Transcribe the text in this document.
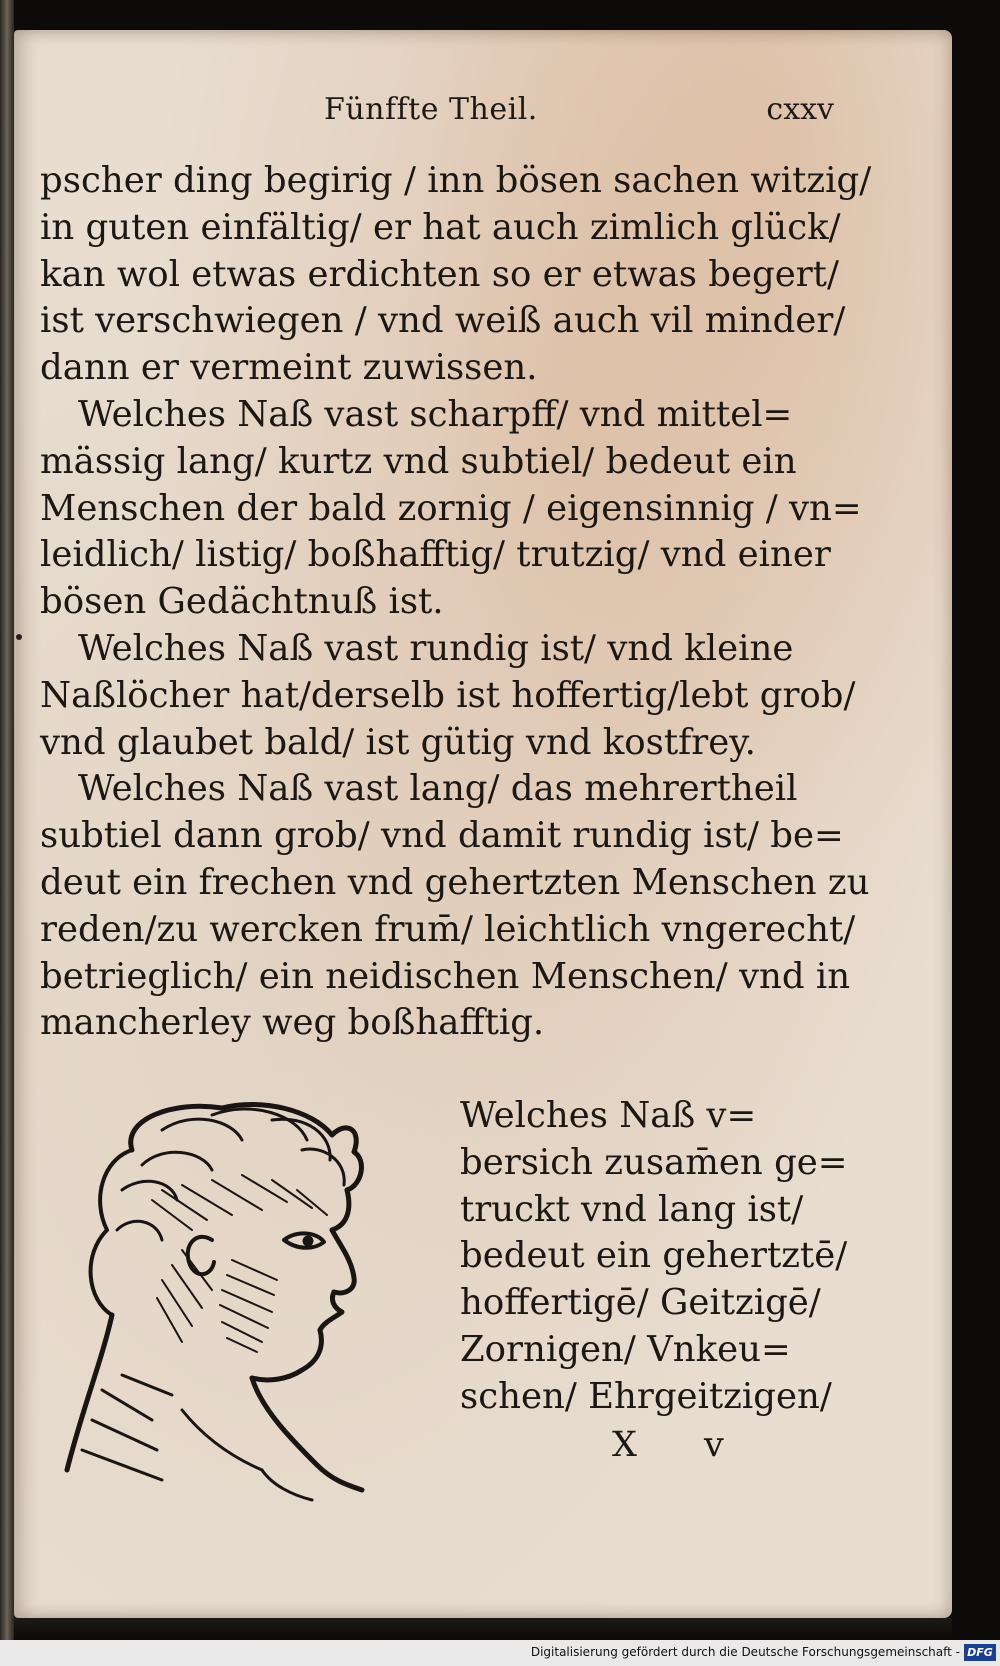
Fünffte Theil.	cxxv
pscher ding begirig / inn bösen sachen witzig/
in guten einfältig/ er hat auch zimlich glück/
kan wol etwas erdichten so er etwas begert/
ist verschwiegen / vnd weiß auch vil minder/
dann er vermeint zuwissen.
Welches Naß vast scharpff/ vnd mittel=
mässig lang/ kurtz vnd subtiel/ bedeut ein
Menschen der bald zornig / eigensinnig / vn=
leidlich/ listig/ boßhafftig/ trutzig/ vnd einer
bösen Gedächtnuß ist.
Welches Naß vast rundig ist/ vnd kleine
Naßlöcher hat/derselb ist hoffertig/lebt grob/
vnd glaubet bald/ ist gütig vnd kostfrey.
Welches Naß vast lang/ das mehrertheil
subtiel dann grob/ vnd damit rundig ist/ be=
deut ein frechen vnd gehertzten Menschen zu
reden/zu wercken frum̄/ leichtlich vngerecht/
betrieglich/ ein neidischen Menschen/ vnd in
mancherley weg boßhafftig.
Welches Naß v=
bersich zusam̄en ge=
truckt vnd lang ist/
bedeut ein gehertztē/
hoffertigē/ Geitzigē/
Zornigen/ Vnkeu=
schen/ Ehrgeitzigen/
X v
Digitalisierung gefördert durch die Deutsche Forschungsgemeinschaft - DFG
